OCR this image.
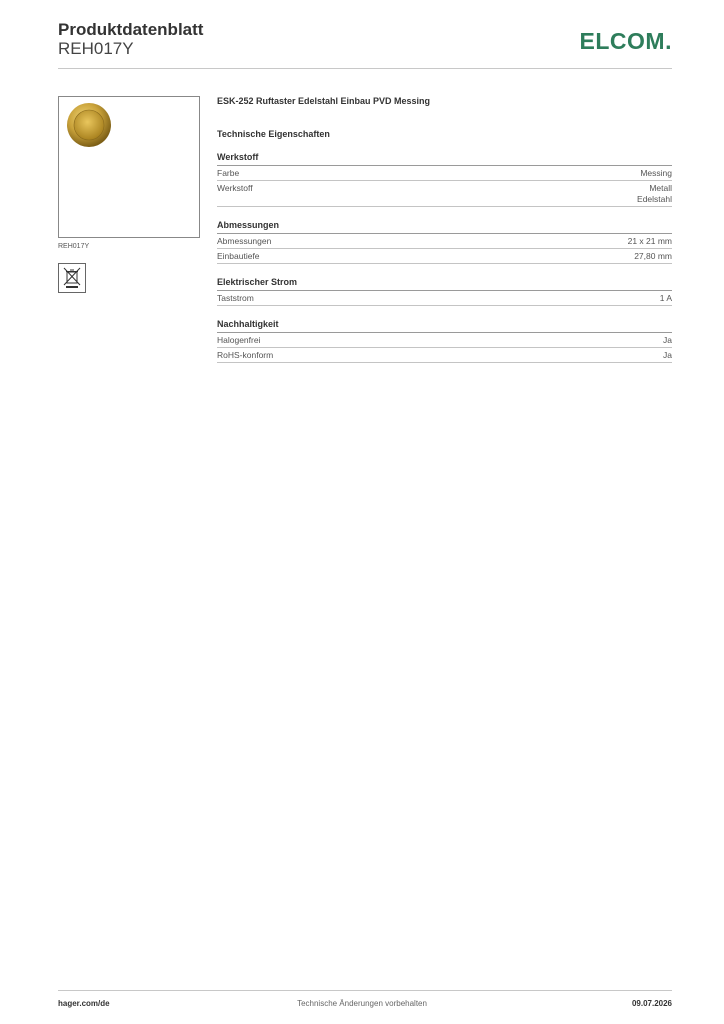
Produktdatenblatt
REH017Y	ELCOM.
REH017Y
ESK-252 Ruftaster Edelstahl Einbau PVD Messing
Technische Eigenschaften
Werkstoff
Farbe	Messing
Werkstoff	Metall
Edelstahl
Abmessungen
Abmessungen	21 x 21 mm
Einbautiefe	27,80 mm
Elektrischer Strom
Taststrom	1 A
Nachhaltigkeit
Halogenfrei	Ja
RoHS-konform	Ja
hager.com/de	Technische Änderungen vorbehalten	09.07.2026
